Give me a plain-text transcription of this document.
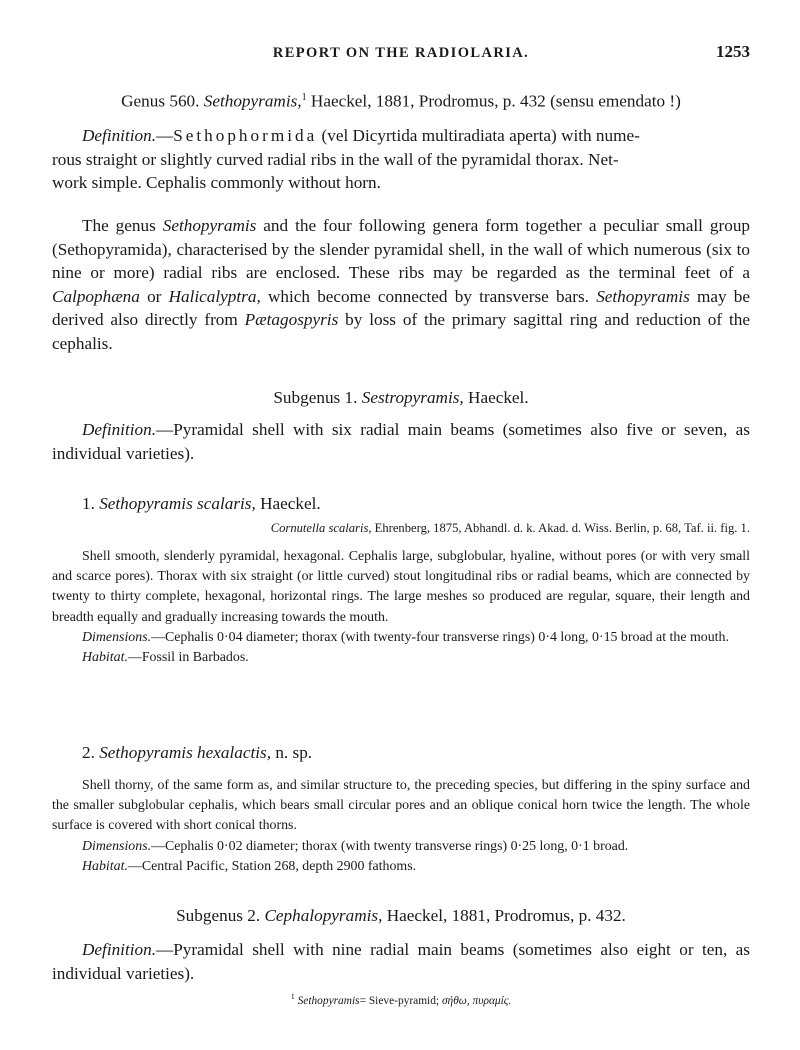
REPORT ON THE RADIOLARIA.	1253
Genus 560. Sethopyramis,$^1$ Haeckel, 1881, Prodromus, p. 432 (sensu emendato !)

Definition.—Sethophormida (vel Dicyrtida multiradiata aperta) with nume-

rous straight or slightly curved radial ribs in the wall of the pyramidal thorax. Net-

work simple. Cephalis commonly without horn.

The genus Sethopyramis and the four following genera form together a peculiar small group (Sethopyramida), characterised by the slender pyramidal shell, in the wall of which numerous (six to nine or more) radial ribs are enclosed. These ribs may be regarded as the terminal feet of a Calpophæna or Halicalyptra, which become connected by transverse bars. Sethopyramis may be derived also directly from Pætagospyris by loss of the primary sagittal ring and reduction of the cephalis.

Subgenus 1. Sestropyramis, Haeckel.

Definition.—Pyramidal shell with six radial main beams (sometimes also five or seven, as individual varieties).

1. Sethopyramis scalaris, Haeckel.
Cornutella scalaris, Ehrenberg, 1875, Abhandl. d. k. Akad. d. Wiss. Berlin, p. 68, Taf. ii. fig. 1.

Shell smooth, slenderly pyramidal, hexagonal. Cephalis large, subglobular, hyaline, without pores (or with very small and scarce pores). Thorax with six straight (or little curved) stout longitudinal ribs or radial beams, which are connected by twenty to thirty complete, hexagonal, horizontal rings. The large meshes so produced are regular, square, their length and breadth equally and gradually increasing towards the mouth.

Dimensions.—Cephalis 0·04 diameter; thorax (with twenty-four transverse rings) 0·4 long, 0·15 broad at the mouth.

Habitat.—Fossil in Barbados.

2. Sethopyramis hexalactis, n. sp.

Shell thorny, of the same form as, and similar structure to, the preceding species, but differing in the spiny surface and the smaller subglobular cephalis, which bears small circular pores and an oblique conical horn twice the length. The whole surface is covered with short conical thorns.

Dimensions.—Cephalis 0·02 diameter; thorax (with twenty transverse rings) 0·25 long, 0·1 broad.

Habitat.—Central Pacific, Station 268, depth 2900 fathoms.

Subgenus 2. Cephalopyramis, Haeckel, 1881, Prodromus, p. 432.

Definition.—Pyramidal shell with nine radial main beams (sometimes also eight or ten, as individual varieties).

$^1$ Sethopyramis= Sieve-pyramid; σήθω, πυραμίς.
